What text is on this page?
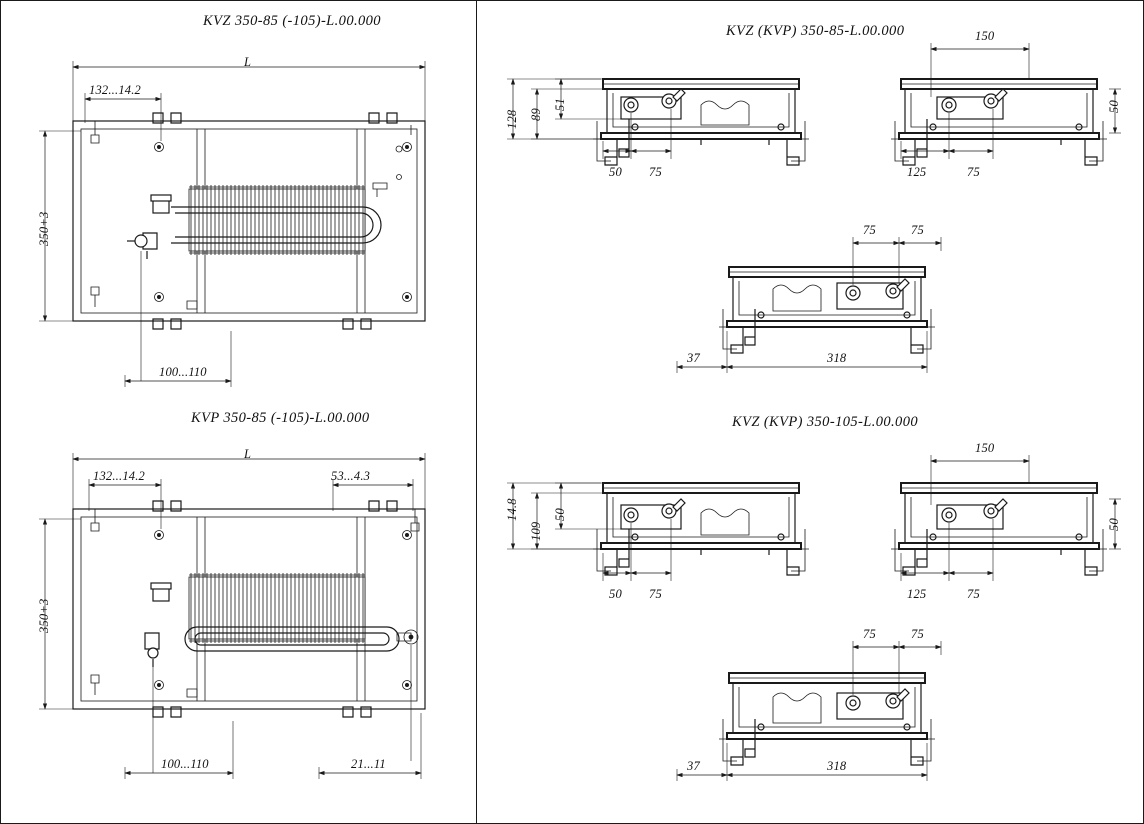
KVZ 350-85 (-105)-L.00.000
KVP 350-85 (-105)-L.00.000
KVZ (KVP) 350-85-L.00.000
KVZ (KVP) 350-105-L.00.000
L
132...14.2
350+3
100...110
L
132...14.2	53...4.3
350+3
100...110	21...11
128 89
51
50 75
150
50
125	75
75	75
37	318
14.8
109
50
50 75
150
50
125	75
75	75
37	318
